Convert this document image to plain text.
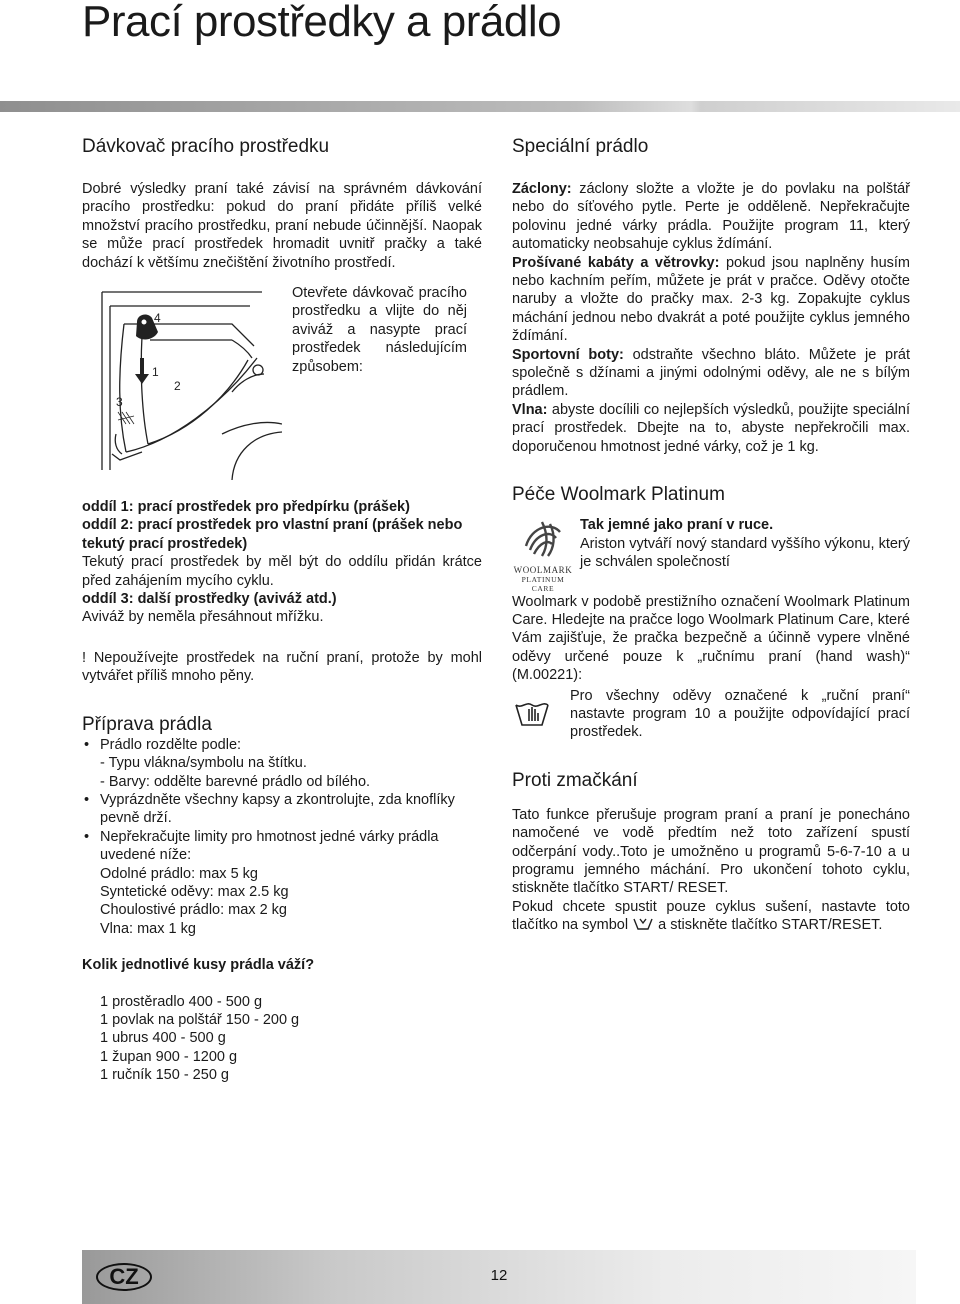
Prací prostředky a prádlo
Dávkovač pracího prostředku

Dobré výsledky praní také závisí na správném dávkování pracího prostředku: pokud do praní přidáte příliš velké množství pracího prostředku, praní nebude účinnější. Naopak se může prací prostředek hromadit uvnitř pračky a také dochází k většímu znečištění životního prostředí.

4
1
2
3

Otevřete dávkovač pracího prostředku a vlijte do něj aviváž a nasypte prací prostředek následujícím způsobem:

oddíl 1: prací prostředek pro předpírku (prášek)

oddíl 2: prací prostředek pro vlastní praní (prášek nebo tekutý prací prostředek)

Tekutý prací prostředek by měl být do oddílu přidán krátce před zahájením mycího cyklu.

oddíl 3: další prostředky (aviváž atd.)

Aviváž by neměla přesáhnout mřížku.

! Nepoužívejte prostředek na ruční praní, protože by mohl vytvářet příliš mnoho pěny.

Příprava prádla
• Prádlo rozdělte podle:
- Typu vlákna/symbolu na štítku.
- Barvy: oddělte barevné prádlo od bílého.
• Vyprázdněte všechny kapsy a zkontrolujte, zda knoflíky pevně drží.
• Nepřekračujte limity pro hmotnost jedné várky prádla uvedené níže:
Odolné prádlo: max 5 kg
Syntetické oděvy: max 2.5 kg
Choulostivé prádlo: max 2 kg
Vlna: max 1 kg

Kolik jednotlivé kusy prádla váží?

1 prostěradlo 400 - 500 g
1 povlak na polštář 150 - 200 g
1 ubrus 400 - 500 g
1 župan 900 - 1200 g
1 ručník 150 - 250 g
Speciální prádlo

Záclony: záclony složte a vložte je do povlaku na polštář nebo do síťového pytle. Perte je odděleně. Nepřekračujte polovinu jedné várky prádla. Použijte program 11, který automaticky neobsahuje cyklus ždímání.

Prošívané kabáty a větrovky: pokud jsou naplněny husím nebo kachním peřím, můžete je prát v pračce. Oděvy otočte naruby a vložte do pračky max. 2-3 kg. Zopakujte cyklus máchání jednou nebo dvakrát a poté použijte cyklus jemného ždímání.

Sportovní boty: odstraňte všechno bláto. Můžete je prát společně s džínami a jinými odolnými oděvy, ale ne s bílým prádlem.

Vlna: abyste docílili co nejlepších výsledků, použijte speciální prací prostředek. Dbejte na to, abyste nepřekročili max. doporučenou hmotnost jedné várky, což je 1 kg.

Péče Woolmark Platinum
WOOLMARK
PLATINUM
CARE

Tak jemné jako praní v ruce.

Ariston vytváří nový standard vyššího výkonu, který je schválen společností

Woolmark v podobě prestižního označení Woolmark Platinum Care. Hledejte na pračce logo Woolmark Platinum Care, které Vám zajišťuje, že pračka bezpečně a účinně vypere vlněné oděvy určené pouze k „ručnímu praní (hand wash)“ (M.00221):

Pro všechny oděvy označené k „ruční praní“ nastavte program 10 a použijte odpovídající prací prostředek.

Proti zmačkání

Tato funkce přerušuje program praní a praní je ponecháno namočené ve vodě předtím než toto zařízení spustí odčerpání vody..Toto je umožněno u programů 5-6-7-10 a u programu jemného máchání. Pro ukončení tohoto cyklu, stiskněte tlačítko START/ RESET.

Pokud chcete spustit pouze cyklus sušení, nastavte toto tlačítko na symbol a stiskněte tlačítko START/RESET.

CZ	12
